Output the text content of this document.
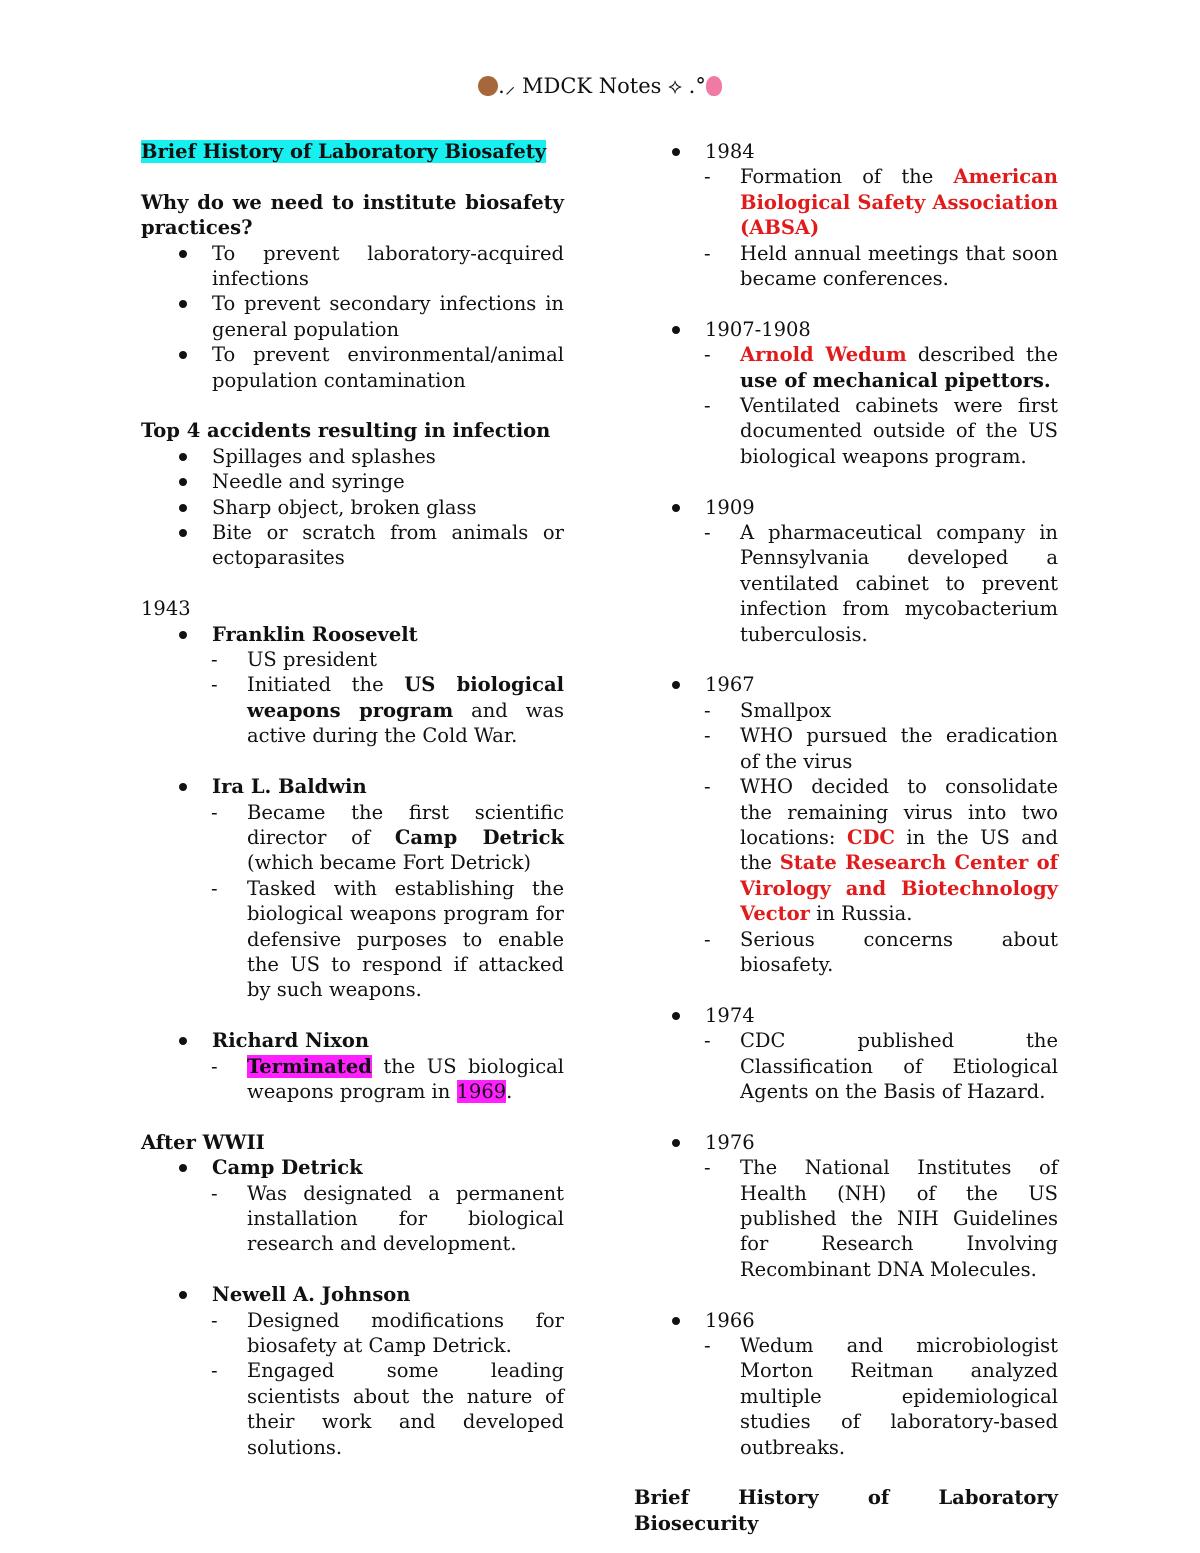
.⸝ MDCK Notes ⟡ .°

Brief History of Laboratory Biosafety

Why do we need to institute biosafety practices?

To prevent laboratory-acquired infections

To prevent secondary infections in general population

To prevent environmental/animal population contamination

Top 4 accidents resulting in infection

Spillages and splashes

Needle and syringe

Sharp object, broken glass

Bite or scratch from animals or ectoparasites

1943

Franklin Roosevelt

- US president

- Initiated the US biological weapons program and was active during the Cold War.

Ira L. Baldwin

- Became the first scientific director of Camp Detrick (which became Fort Detrick)

- Tasked with establishing the biological weapons program for defensive purposes to enable the US to respond if attacked by such weapons.

Richard Nixon

- Terminated the US biological weapons program in 1969.

After WWII

Camp Detrick

- Was designated a permanent installation for biological research and development.

Newell A. Johnson

- Designed modifications for biosafety at Camp Detrick.

- Engaged some leading scientists about the nature of their work and developed solutions.

1984

- Formation of the American Biological Safety Association (ABSA)

- Held annual meetings that soon became conferences.

1907-1908

- Arnold Wedum described the use of mechanical pipettors.

- Ventilated cabinets were first documented outside of the US biological weapons program.

1909

- A pharmaceutical company in Pennsylvania developed a ventilated cabinet to prevent infection from mycobacterium tuberculosis.

1967

- Smallpox

- WHO pursued the eradication of the virus

- WHO decided to consolidate the remaining virus into two locations: CDC in the US and the State Research Center of Virology and Biotechnology Vector in Russia.

- Serious concerns about biosafety.

1974

- CDC published the Classification of Etiological Agents on the Basis of Hazard.

1976

- The National Institutes of Health (NH) of the US published the NIH Guidelines for Research Involving Recombinant DNA Molecules.

1966

- Wedum and microbiologist Morton Reitman analyzed multiple epidemiological studies of laboratory-based outbreaks.

Brief History of Laboratory Biosecurity
